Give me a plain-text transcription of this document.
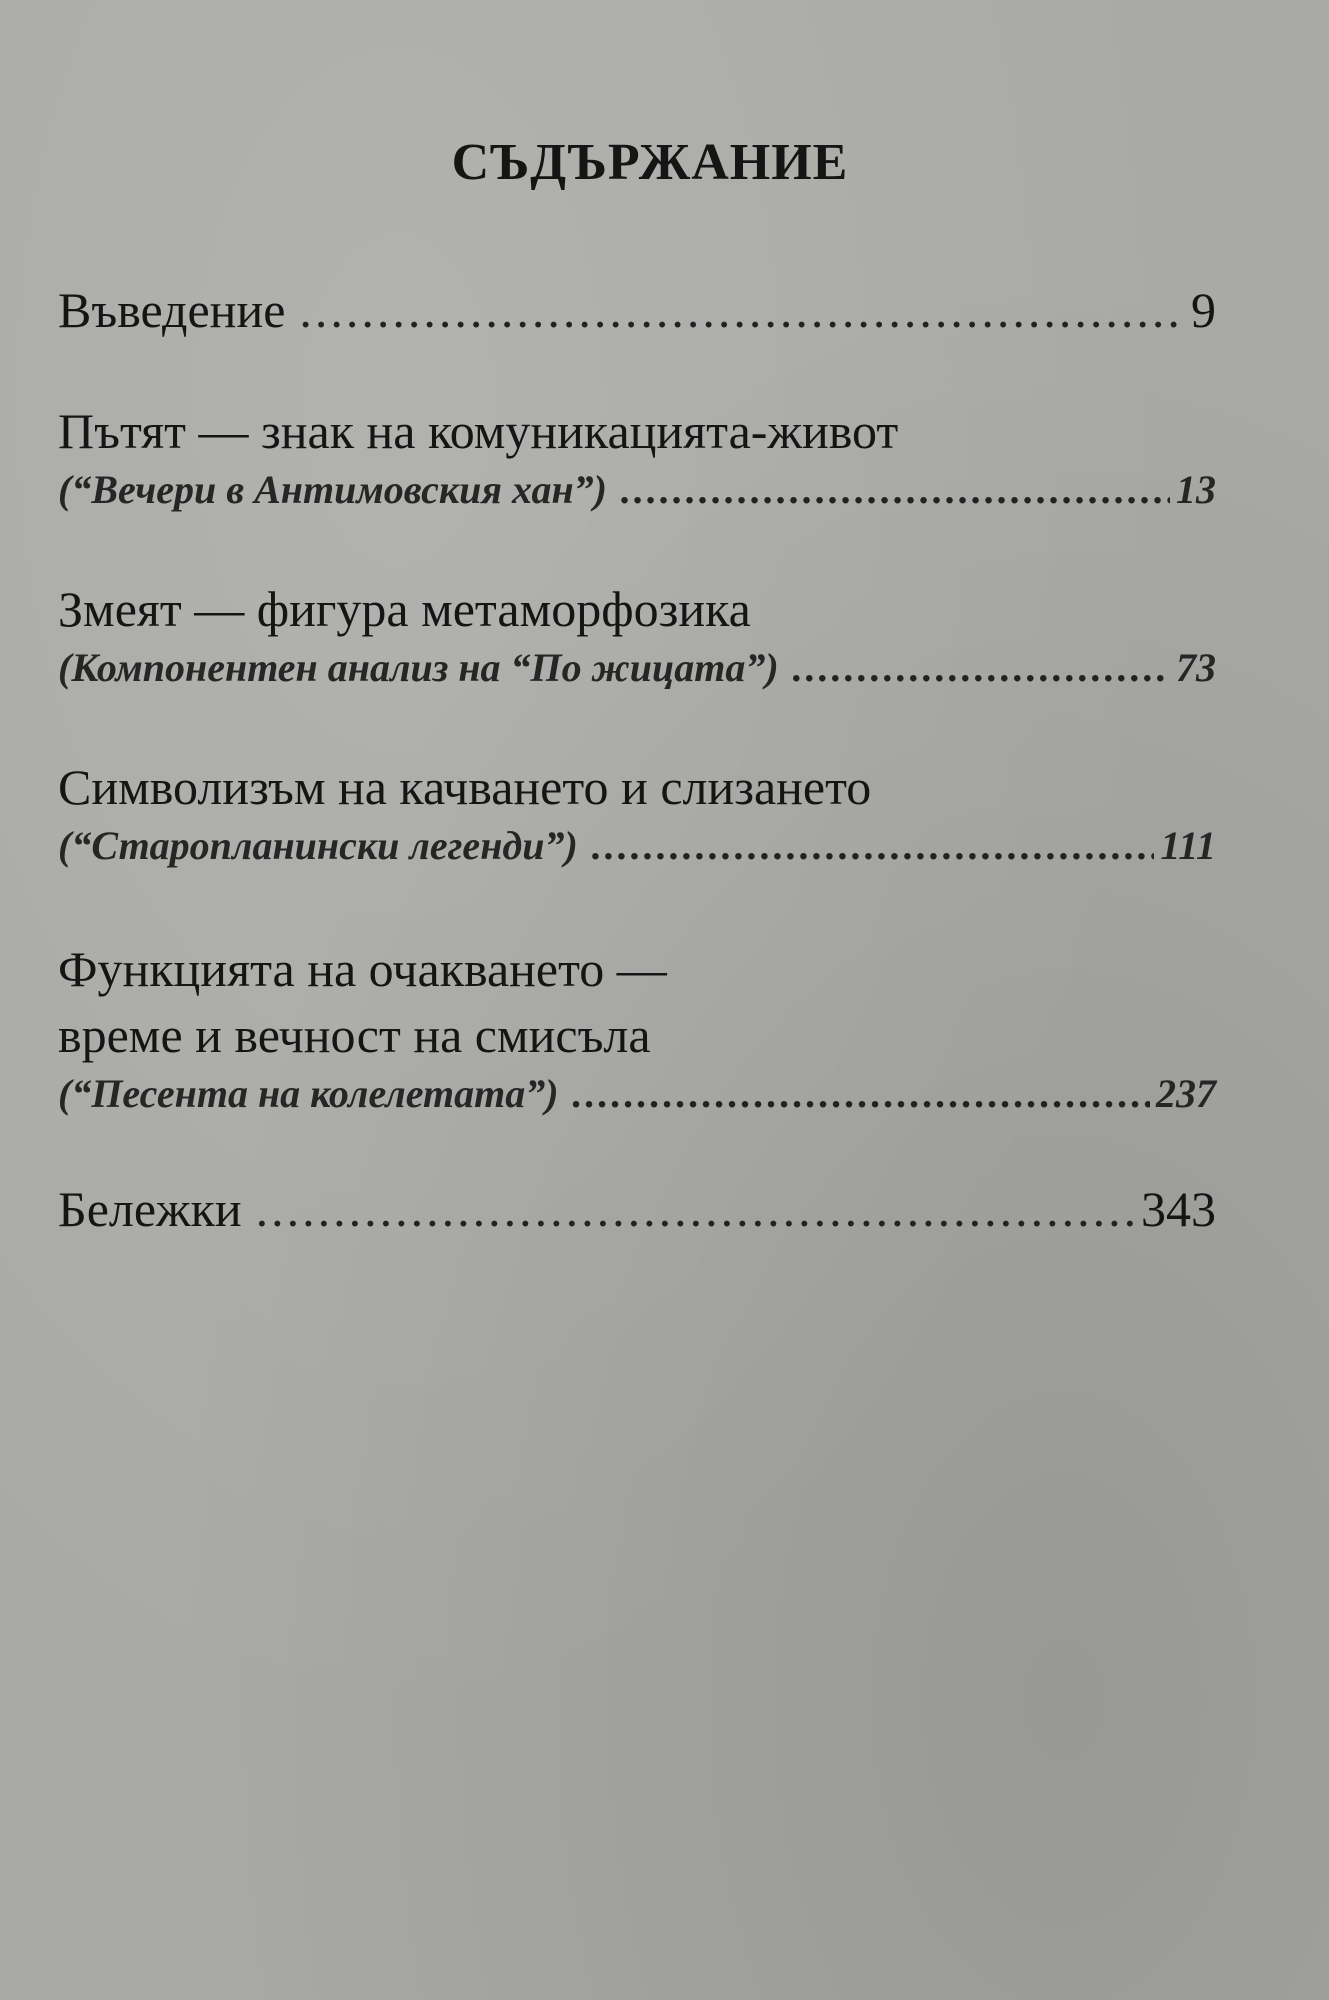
СЪДЪРЖАНИЕ
Въведение .....	9
Пътят — знак на комуникацията-живот
(“Вечери в Антимовския хан”) .....	13
Змеят — фигура метаморфозика
(Компонентен анализ на “По жицата”) .....	73
Символизъм на качването и слизането
(“Старопланински легенди”) .....	111
Функцията на очакването —
време и вечност на смисъла
(“Песента на колелетата”) .....	237
Бележки .....	343
